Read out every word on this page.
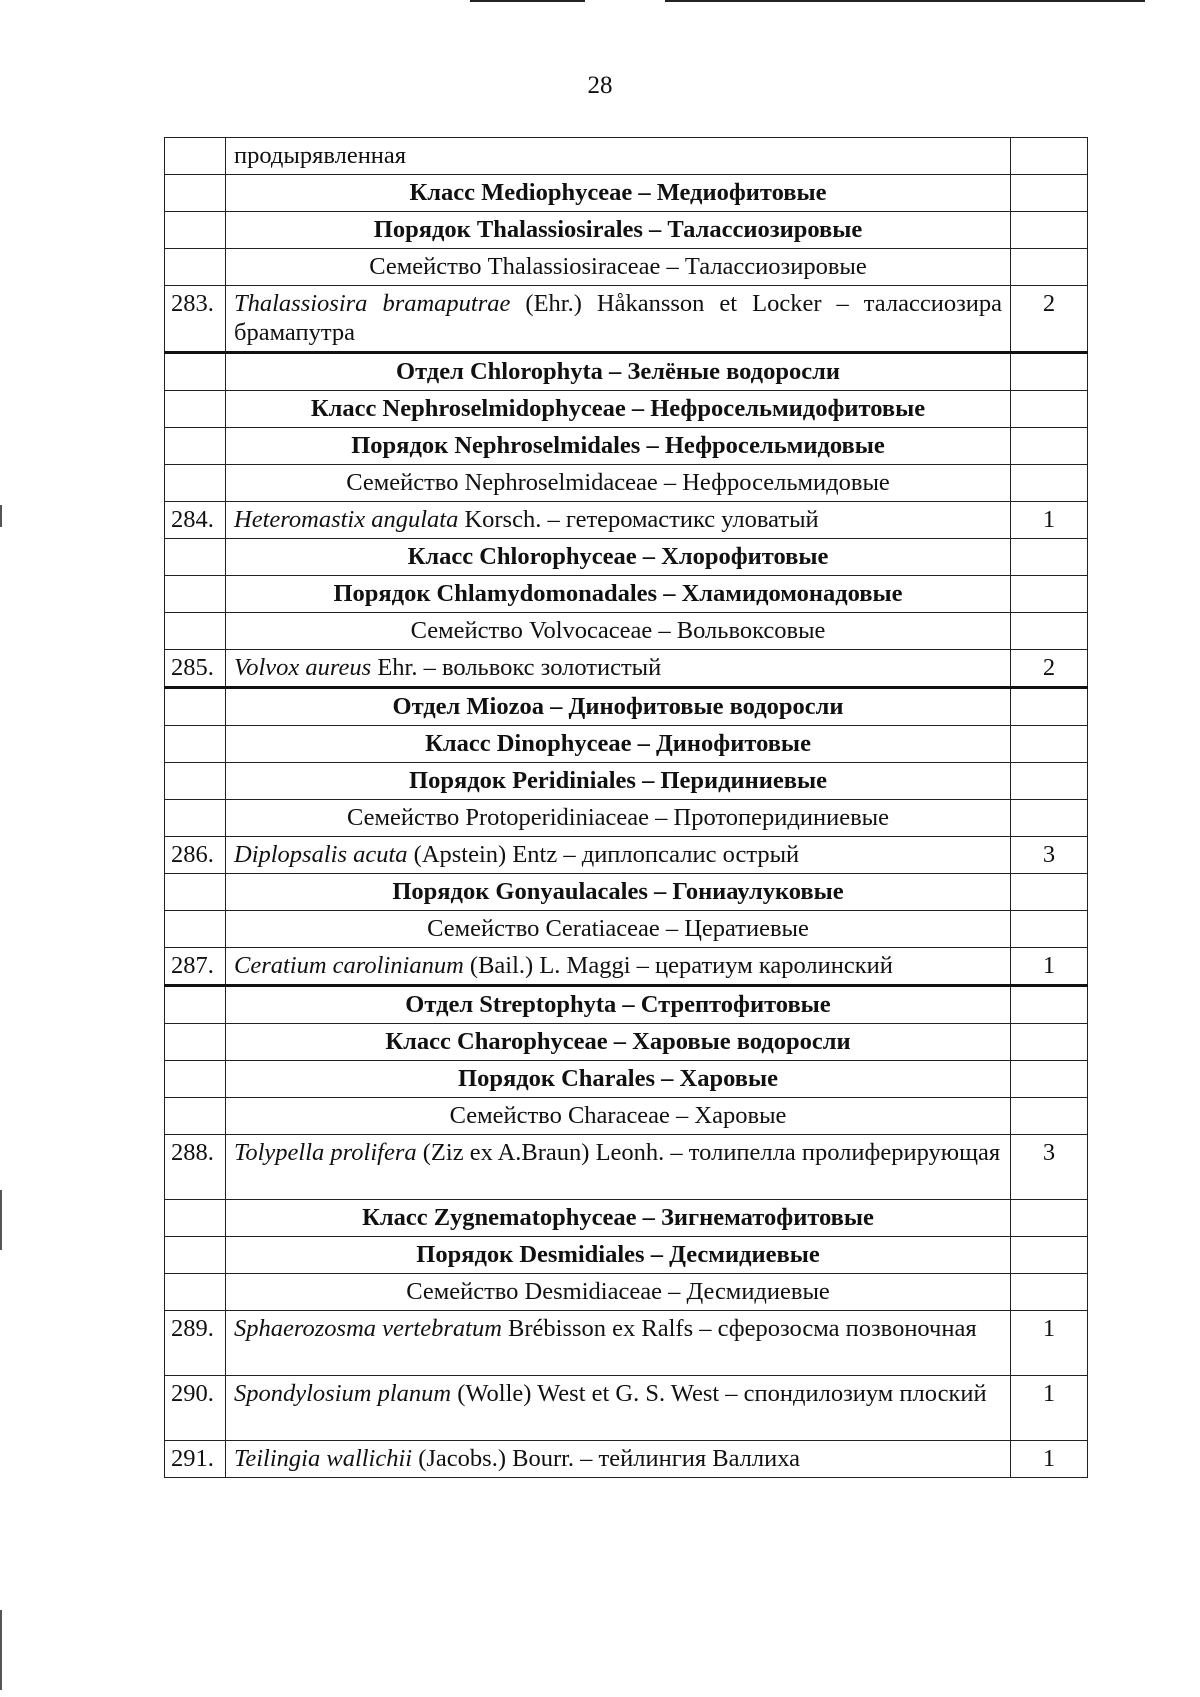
28
	продырявленная	
	Класс Mediophyceae – Медиофитовые	
	Порядок Thalassiosirales – Талассиозировые	
	Семейство Thalassiosiraceae – Талассиозировые	
283.	Thalassiosira bramaputrae (Ehr.) Håkansson et Locker – талассиозира брамапутра	2
	Отдел Chlorophyta – Зелёные водоросли	
	Класс Nephroselmidophyceae – Нефросельмидофитовые	
	Порядок Nephroselmidales – Нефросельмидовые	
	Семейство Nephroselmidaceae – Нефросельмидовые	
284.	Heteromastix angulata Korsch. – гетеромастикс уловатый	1
	Класс Chlorophyceae – Хлорофитовые	
	Порядок Chlamydomonadales – Хламидомонадовые	
	Семейство Volvocaceae – Вольвоксовые	
285.	Volvox aureus Ehr. – вольвокс золотистый	2
	Отдел Miozoa – Динофитовые водоросли	
	Класс Dinophyceae – Динофитовые	
	Порядок Peridiniales – Перидиниевые	
	Семейство Protoperidiniaceae – Протоперидиниевые	
286.	Diplopsalis acuta (Apstein) Entz – диплопсалис острый	3
	Порядок Gonyaulacales – Гониаулуковые	
	Семейство Ceratiaceae – Цератиевые	
287.	Ceratium carolinianum (Bail.) L. Maggi – цератиум каролинский	1
	Отдел Streptophyta – Стрептофитовые	
	Класс Charophyceae – Харовые водоросли	
	Порядок Charales – Харовые	
	Семейство Characeae – Харовые	
288.	Tolypella prolifera (Ziz ex A.Braun) Leonh. – толипелла пролиферирующая	3
	Класс Zygnematophyceae – Зигнематофитовые	
	Порядок Desmidiales – Десмидиевые	
	Семейство Desmidiaceae – Десмидиевые	
289.	Sphaerozosma vertebratum Brébisson ex Ralfs – сферозосма позвоночная	1
290.	Spondylosium planum (Wolle) West et G. S. West – спондилозиум плоский	1
291.	Teilingia wallichii (Jacobs.) Bourr. – тейлингия Валлиха	1
